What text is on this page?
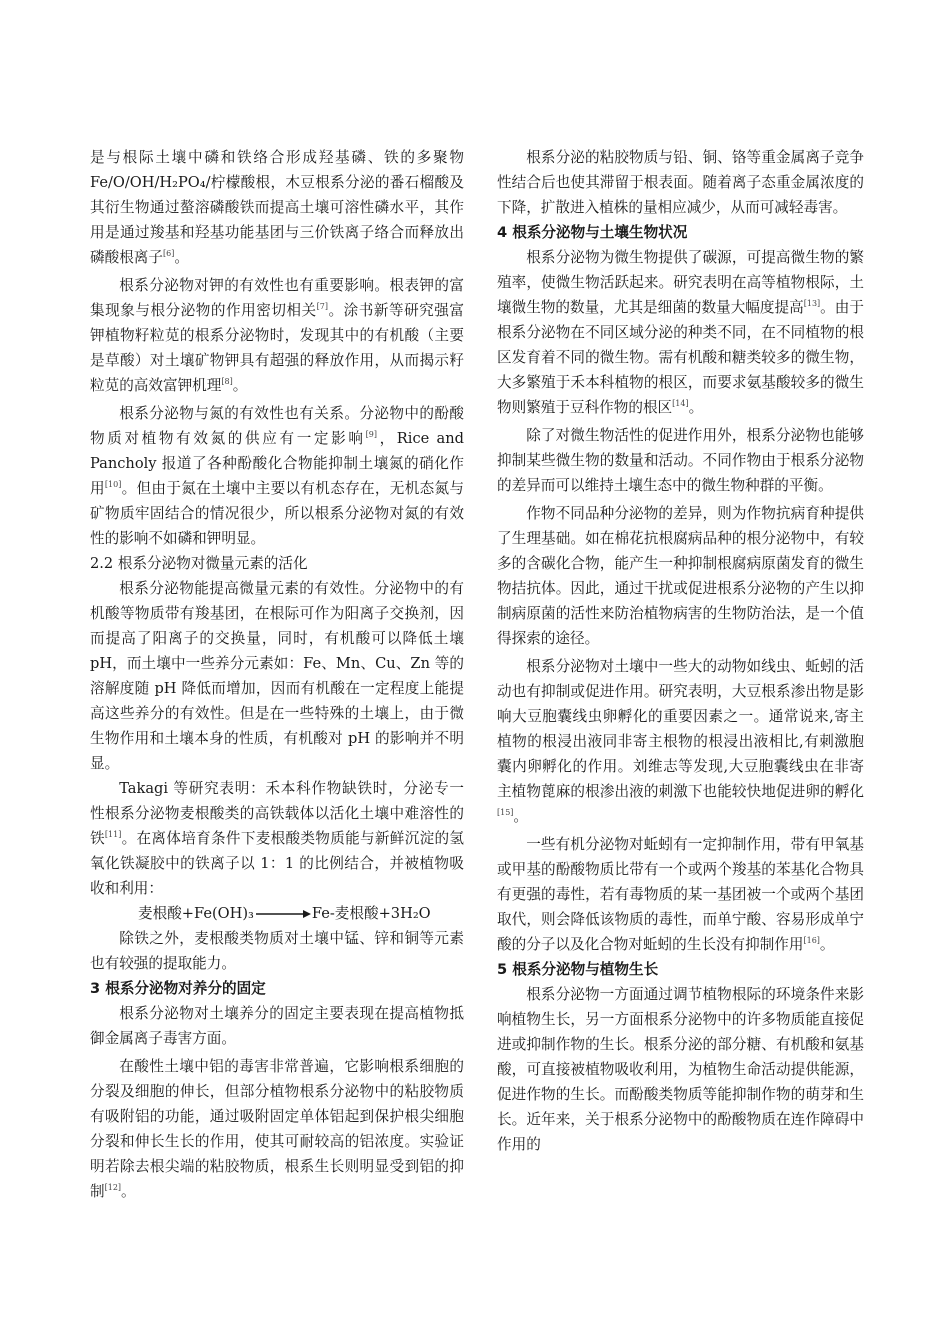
是与根际土壤中磷和铁络合形成羟基磷、铁的多聚物Fe/O/OH/H₂PO₄/柠檬酸根，木豆根系分泌的番石榴酸及其衍生物通过螯溶磷酸铁而提高土壤可溶性磷水平，其作用是通过羧基和羟基功能基团与三价铁离子络合而释放出磷酸根离子[6]。

根系分泌物对钾的有效性也有重要影响。根表钾的富集现象与根分泌物的作用密切相关[7]。涂书新等研究强富钾植物籽粒苋的根系分泌物时，发现其中的有机酸（主要是草酸）对土壤矿物钾具有超强的释放作用，从而揭示籽粒苋的高效富钾机理[8]。

根系分泌物与氮的有效性也有关系。分泌物中的酚酸物质对植物有效氮的供应有一定影响[9]，Rice and Pancholy 报道了各种酚酸化合物能抑制土壤氮的硝化作用[10]。但由于氮在土壤中主要以有机态存在，无机态氮与矿物质牢固结合的情况很少，所以根系分泌物对氮的有效性的影响不如磷和钾明显。

2.2 根系分泌物对微量元素的活化

根系分泌物能提高微量元素的有效性。分泌物中的有机酸等物质带有羧基团，在根际可作为阳离子交换剂，因而提高了阳离子的交换量，同时，有机酸可以降低土壤 pH，而土壤中一些养分元素如：Fe、Mn、Cu、Zn 等的溶解度随 pH 降低而增加，因而有机酸在一定程度上能提高这些养分的有效性。但是在一些特殊的土壤上，由于微生物作用和土壤本身的性质，有机酸对 pH 的影响并不明显。

Takagi 等研究表明：禾本科作物缺铁时，分泌专一性根系分泌物麦根酸类的高铁载体以活化土壤中难溶性的铁[11]。在离体培育条件下麦根酸类物质能与新鲜沉淀的氢氧化铁凝胶中的铁离子以 1：1 的比例结合，并被植物吸收和利用：

麦根酸+Fe(OH)₃→Fe-麦根酸+3H₂O

除铁之外，麦根酸类物质对土壤中锰、锌和铜等元素也有较强的提取能力。

3 根系分泌物对养分的固定

根系分泌物对土壤养分的固定主要表现在提高植物抵御金属离子毒害方面。

在酸性土壤中铝的毒害非常普遍，它影响根系细胞的分裂及细胞的伸长，但部分植物根系分泌物中的粘胶物质有吸附铝的功能，通过吸附固定单体铝起到保护根尖细胞分裂和伸长生长的作用，使其可耐较高的铝浓度。实验证明若除去根尖端的粘胶物质，根系生长则明显受到铝的抑制[12]。

根系分泌的粘胶物质与铅、铜、铬等重金属离子竞争性结合后也使其滞留于根表面。随着离子态重金属浓度的下降，扩散进入植株的量相应减少，从而可减轻毒害。

4 根系分泌物与土壤生物状况

根系分泌物为微生物提供了碳源，可提高微生物的繁殖率，使微生物活跃起来。研究表明在高等植物根际，土壤微生物的数量，尤其是细菌的数量大幅度提高[13]。由于根系分泌物在不同区域分泌的种类不同，在不同植物的根区发育着不同的微生物。需有机酸和糖类较多的微生物，大多繁殖于禾本科植物的根区，而要求氨基酸较多的微生物则繁殖于豆科作物的根区[14]。

除了对微生物活性的促进作用外，根系分泌物也能够抑制某些微生物的数量和活动。不同作物由于根系分泌物的差异而可以维持土壤生态中的微生物种群的平衡。

作物不同品种分泌物的差异，则为作物抗病育种提供了生理基础。如在棉花抗根腐病品种的根分泌物中，有较多的含碳化合物，能产生一种抑制根腐病原菌发育的微生物拮抗体。因此，通过干扰或促进根系分泌物的产生以抑制病原菌的活性来防治植物病害的生物防治法，是一个值得探索的途径。

根系分泌物对土壤中一些大的动物如线虫、蚯蚓的活动也有抑制或促进作用。研究表明，大豆根系渗出物是影响大豆胞囊线虫卵孵化的重要因素之一。通常说来,寄主植物的根浸出液同非寄主根物的根浸出液相比,有刺激胞囊内卵孵化的作用。刘维志等发现,大豆胞囊线虫在非寄主植物蓖麻的根渗出液的刺激下也能较快地促进卵的孵化[15]。

一些有机分泌物对蚯蚓有一定抑制作用，带有甲氧基或甲基的酚酸物质比带有一个或两个羧基的苯基化合物具有更强的毒性，若有毒物质的某一基团被一个或两个基团取代，则会降低该物质的毒性，而单宁酸、容易形成单宁酸的分子以及化合物对蚯蚓的生长没有抑制作用[16]。

5 根系分泌物与植物生长

根系分泌物一方面通过调节植物根际的环境条件来影响植物生长，另一方面根系分泌物中的许多物质能直接促进或抑制作物的生长。根系分泌的部分糖、有机酸和氨基酸，可直接被植物吸收利用，为植物生命活动提供能源，促进作物的生长。而酚酸类物质等能抑制作物的萌芽和生长。近年来，关于根系分泌物中的酚酸物质在连作障碍中作用的
